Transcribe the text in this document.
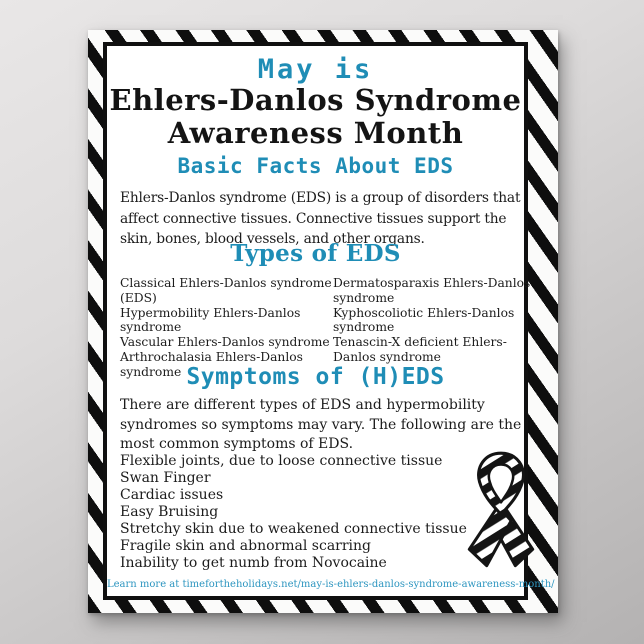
May is
Ehlers-Danlos Syndrome
Awareness Month
Basic Facts About EDS
Ehlers-Danlos syndrome (EDS) is a group of disorders that
affect connective tissues. Connective tissues support the
skin, bones, blood vessels, and other organs.
Types of EDS
Classical Ehlers-Danlos syndrome
(EDS)
Hypermobility Ehlers-Danlos
syndrome
Vascular Ehlers-Danlos syndrome
Arthrochalasia Ehlers-Danlos
syndrome
Dermatosparaxis Ehlers-Danlos
syndrome
Kyphoscoliotic Ehlers-Danlos
syndrome
Tenascin-X deficient Ehlers-
Danlos syndrome
Symptoms of (H)EDS
There are different types of EDS and hypermobility
syndromes so symptoms may vary. The following are the
most common symptoms of EDS.
Flexible joints, due to loose connective tissue
Swan Finger
Cardiac issues
Easy Bruising
Stretchy skin due to weakened connective tissue
Fragile skin and abnormal scarring
Inability to get numb from Novocaine
Learn more at timefortheholidays.net/may-is-ehlers-danlos-syndrome-awareness-month/
